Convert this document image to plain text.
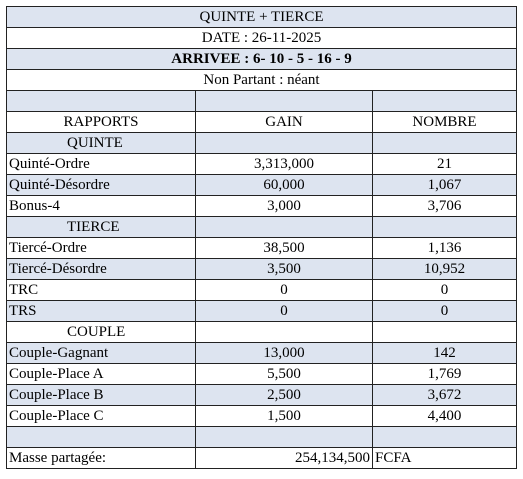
QUINTE + TIERCE		
DATE : 26-11-2025		
ARRIVEE : 6- 10 - 5 - 16 - 9		
Non Partant : néant		

RAPPORTS	GAIN	NOMBRE
QUINTE		
Quinté-Ordre	3,313,000	21
Quinté-Désordre	60,000	1,067
Bonus-4	3,000	3,706
TIERCE		
Tiercé-Ordre	38,500	1,136
Tiercé-Désordre	3,500	10,952
TRC	0	0
TRS	0	0
COUPLE		
Couple-Gagnant	13,000	142
Couple-Place A	5,500	1,769
Couple-Place B	2,500	3,672
Couple-Place C	1,500	4,400

Masse partagée:	254,134,500	FCFA
